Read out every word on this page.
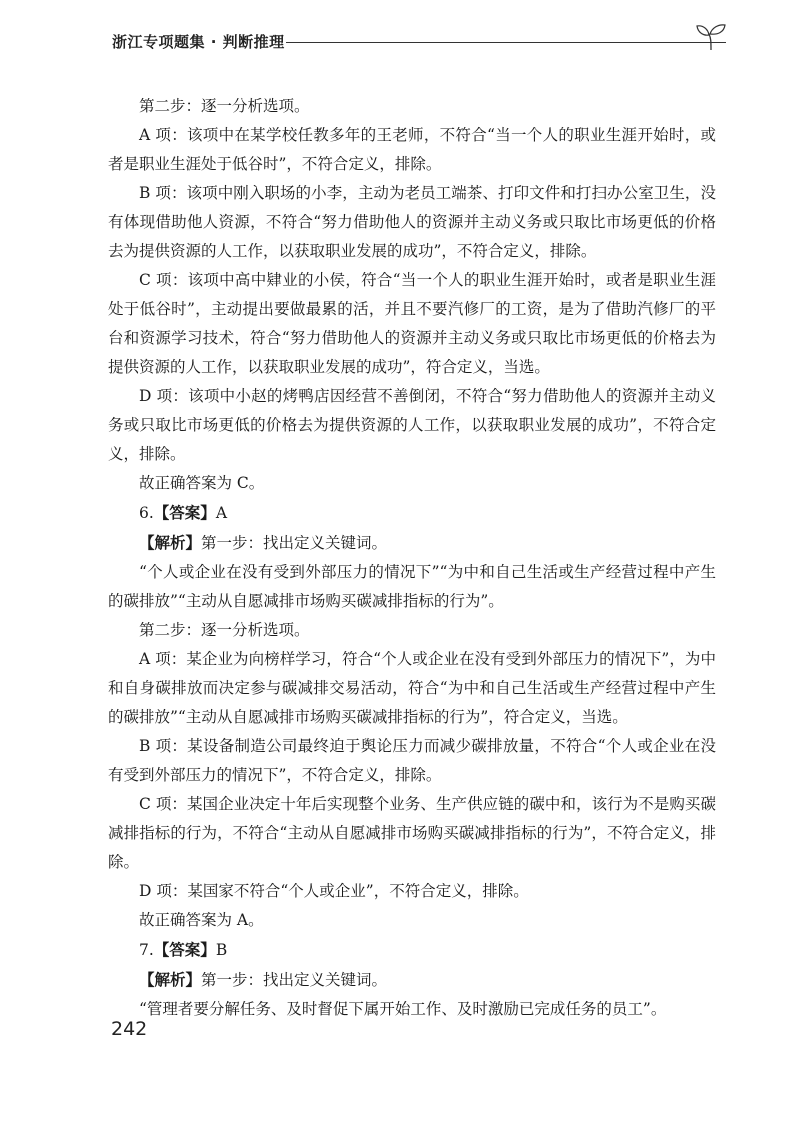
浙江专项题集 · 判断推理

第二步：逐一分析选项。

A 项：该项中在某学校任教多年的王老师，不符合“当一个人的职业生涯开始时，或者是职业生涯处于低谷时”，不符合定义，排除。

B 项：该项中刚入职场的小李，主动为老员工端茶、打印文件和打扫办公室卫生，没有体现借助他人资源，不符合“努力借助他人的资源并主动义务或只取比市场更低的价格去为提供资源的人工作，以获取职业发展的成功”，不符合定义，排除。

C 项：该项中高中肄业的小侯，符合“当一个人的职业生涯开始时，或者是职业生涯处于低谷时”，主动提出要做最累的活，并且不要汽修厂的工资，是为了借助汽修厂的平台和资源学习技术，符合“努力借助他人的资源并主动义务或只取比市场更低的价格去为提供资源的人工作，以获取职业发展的成功”，符合定义，当选。

D 项：该项中小赵的烤鸭店因经营不善倒闭，不符合“努力借助他人的资源并主动义务或只取比市场更低的价格去为提供资源的人工作，以获取职业发展的成功”，不符合定义，排除。

故正确答案为 C。

6.【答案】A

【解析】第一步：找出定义关键词。

“个人或企业在没有受到外部压力的情况下”“为中和自己生活或生产经营过程中产生的碳排放”“主动从自愿减排市场购买碳减排指标的行为”。

第二步：逐一分析选项。

A 项：某企业为向榜样学习，符合“个人或企业在没有受到外部压力的情况下”，为中和自身碳排放而决定参与碳减排交易活动，符合“为中和自己生活或生产经营过程中产生的碳排放”“主动从自愿减排市场购买碳减排指标的行为”，符合定义，当选。

B 项：某设备制造公司最终迫于舆论压力而减少碳排放量，不符合“个人或企业在没有受到外部压力的情况下”，不符合定义，排除。

C 项：某国企业决定十年后实现整个业务、生产供应链的碳中和，该行为不是购买碳减排指标的行为，不符合“主动从自愿减排市场购买碳减排指标的行为”，不符合定义，排除。

D 项：某国家不符合“个人或企业”，不符合定义，排除。

故正确答案为 A。

7.【答案】B

【解析】第一步：找出定义关键词。

“管理者要分解任务、及时督促下属开始工作、及时激励已完成任务的员工”。

242
